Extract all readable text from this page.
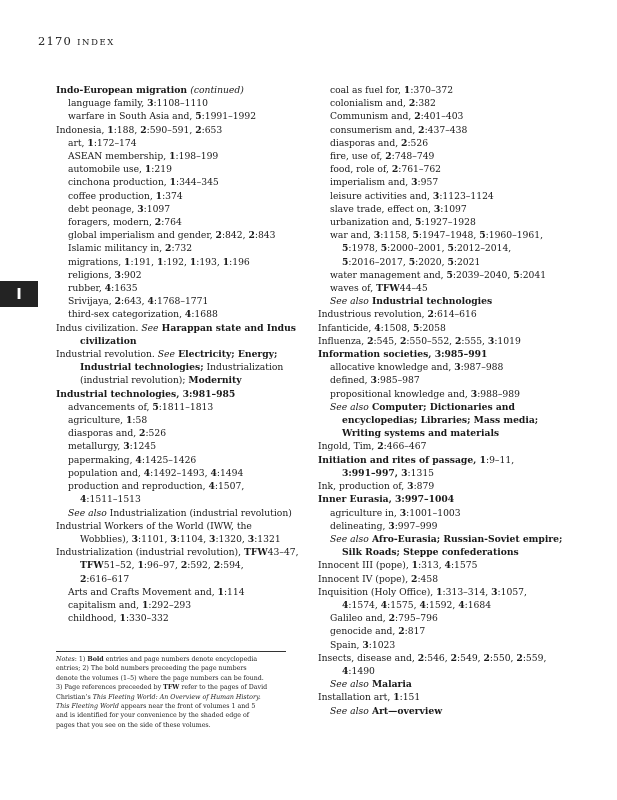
2170 INDEX
I
Indo-European migration (continued)
language family, 3:1108–1110
warfare in South Asia and, 5:1991–1992
Indonesia, 1:188, 2:590–591, 2:653
art, 1:172–174
ASEAN membership, 1:198–199
automobile use, 1:219
cinchona production, 1:344–345
coffee production, 1:374
debt peonage, 3:1097
foragers, modern, 2:764
global imperialism and gender, 2:842, 2:843
Islamic militancy in, 2:732
migrations, 1:191, 1:192, 1:193, 1:196
religions, 3:902
rubber, 4:1635
Srivijaya, 2:643, 4:1768–1771
third-sex categorization, 4:1688
Indus civilization. See Harappan state and Indus
civilization
Industrial revolution. See Electricity; Energy;
Industrial technologies; Industrialization
(industrial revolution); Modernity
Industrial technologies, 3:981–985
advancements of, 5:1811–1813
agriculture, 1:58
diasporas and, 2:526
metallurgy, 3:1245
papermaking, 4:1425–1426
population and, 4:1492–1493, 4:1494
production and reproduction, 4:1507,
4:1511–1513
See also Industrialization (industrial revolution)
Industrial Workers of the World (IWW, the
Wobblies), 3:1101, 3:1104, 3:1320, 3:1321
Industrialization (industrial revolution), TFW43–47,
TFW51–52, 1:96–97, 2:592, 2:594,
2:616–617
Arts and Crafts Movement and, 1:114
capitalism and, 1:292–293
childhood, 1:330–332
coal as fuel for, 1:370–372
colonialism and, 2:382
Communism and, 2:401–403
consumerism and, 2:437–438
diasporas and, 2:526
fire, use of, 2:748–749
food, role of, 2:761–762
imperialism and, 3:957
leisure activities and, 3:1123–1124
slave trade, effect on, 3:1097
urbanization and, 5:1927–1928
war and, 3:1158, 5:1947–1948, 5:1960–1961,
5:1978, 5:2000–2001, 5:2012–2014,
5:2016–2017, 5:2020, 5:2021
water management and, 5:2039–2040, 5:2041
waves of, TFW44–45
See also Industrial technologies
Industrious revolution, 2:614–616
Infanticide, 4:1508, 5:2058
Influenza, 2:545, 2:550–552, 2:555, 3:1019
Information societies, 3:985–991
allocative knowledge and, 3:987–988
defined, 3:985–987
propositional knowledge and, 3:988–989
See also Computer; Dictionaries and
encyclopedias; Libraries; Mass media;
Writing systems and materials
Ingold, Tim, 2:466–467
Initiation and rites of passage, 1:9–11,
3:991–997, 3:1315
Ink, production of, 3:879
Inner Eurasia, 3:997–1004
agriculture in, 3:1001–1003
delineating, 3:997–999
See also Afro-Eurasia; Russian-Soviet empire;
Silk Roads; Steppe confederations
Innocent III (pope), 1:313, 4:1575
Innocent IV (pope), 2:458
Inquisition (Holy Office), 1:313–314, 3:1057,
4:1574, 4:1575, 4:1592, 4:1684
Galileo and, 2:795–796
genocide and, 2:817
Spain, 3:1023
Insects, disease and, 2:546, 2:549, 2:550, 2:559,
4:1490
See also Malaria
Installation art, 1:151
See also Art—overview
Notes: 1) Bold entries and page numbers denote encyclopedia
entries; 2) The bold numbers preceeding the page numbers
denote the volumes (1–5) where the page numbers can be found.
3) Page references preceeded by TFW refer to the pages of David
Christian’s This Fleeting World: An Overview of Human History.
This Fleeting World appears near the front of volumes 1 and 5
and is identified for your convenience by the shaded edge of
pages that you see on the side of these volumes.
